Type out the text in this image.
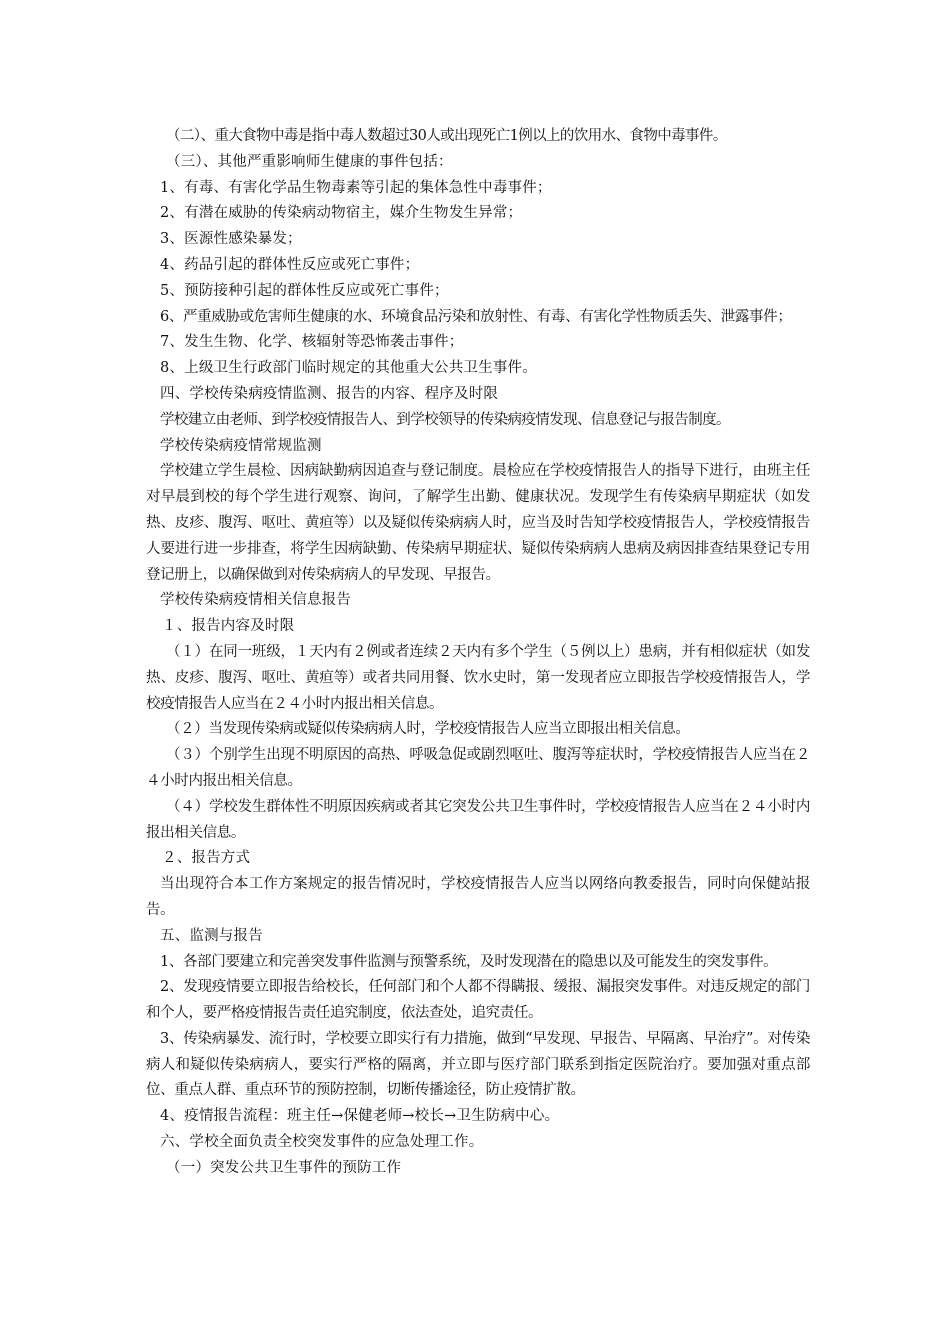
（二）、重大食物中毒是指中毒人数超过30人或出现死亡1例以上的饮用水、食物中毒事件。

（三）、其他严重影响师生健康的事件包括：

1、有毒、有害化学品生物毒素等引起的集体急性中毒事件；

2、有潜在威胁的传染病动物宿主，媒介生物发生异常；

3、医源性感染暴发；

4、药品引起的群体性反应或死亡事件；

5、预防接种引起的群体性反应或死亡事件；

6、严重威胁或危害师生健康的水、环境食品污染和放射性、有毒、有害化学性物质丢失、泄露事件；

7、发生生物、化学、核辐射等恐怖袭击事件；

8、上级卫生行政部门临时规定的其他重大公共卫生事件。

四、学校传染病疫情监测、报告的内容、程序及时限

学校建立由老师、到学校疫情报告人、到学校领导的传染病疫情发现、信息登记与报告制度。

学校传染病疫情常规监测

学校建立学生晨检、因病缺勤病因追查与登记制度。晨检应在学校疫情报告人的指导下进行，由班主任对早晨到校的每个学生进行观察、询问，了解学生出勤、健康状况。发现学生有传染病早期症状（如发热、皮疹、腹泻、呕吐、黄疸等）以及疑似传染病病人时，应当及时告知学校疫情报告人，学校疫情报告人要进行进一步排查，将学生因病缺勤、传染病早期症状、疑似传染病病人患病及病因排查结果登记专用登记册上，以确保做到对传染病病人的早发现、早报告。

学校传染病疫情相关信息报告

１、报告内容及时限

（１）在同一班级，１天内有２例或者连续２天内有多个学生（５例以上）患病，并有相似症状（如发热、皮疹、腹泻、呕吐、黄疸等）或者共同用餐、饮水史时，第一发现者应立即报告学校疫情报告人，学校疫情报告人应当在２４小时内报出相关信息。

（２）当发现传染病或疑似传染病病人时，学校疫情报告人应当立即报出相关信息。

（３）个别学生出现不明原因的高热、呼吸急促或剧烈呕吐、腹泻等症状时，学校疫情报告人应当在２４小时内报出相关信息。

（４）学校发生群体性不明原因疾病或者其它突发公共卫生事件时，学校疫情报告人应当在２４小时内报出相关信息。

２、报告方式

当出现符合本工作方案规定的报告情况时，学校疫情报告人应当以网络向教委报告，同时向保健站报告。

五、监测与报告

1、各部门要建立和完善突发事件监测与预警系统，及时发现潜在的隐患以及可能发生的突发事件。

2、发现疫情要立即报告给校长，任何部门和个人都不得瞒报、缓报、漏报突发事件。对违反规定的部门和个人，要严格疫情报告责任追究制度，依法查处，追究责任。

3、传染病暴发、流行时，学校要立即实行有力措施，做到“早发现、早报告、早隔离、早治疗”。对传染病人和疑似传染病病人，要实行严格的隔离，并立即与医疗部门联系到指定医院治疗。要加强对重点部位、重点人群、重点环节的预防控制，切断传播途径，防止疫情扩散。

4、疫情报告流程：班主任→保健老师→校长→卫生防病中心。

六、学校全面负责全校突发事件的应急处理工作。

（一）突发公共卫生事件的预防工作
